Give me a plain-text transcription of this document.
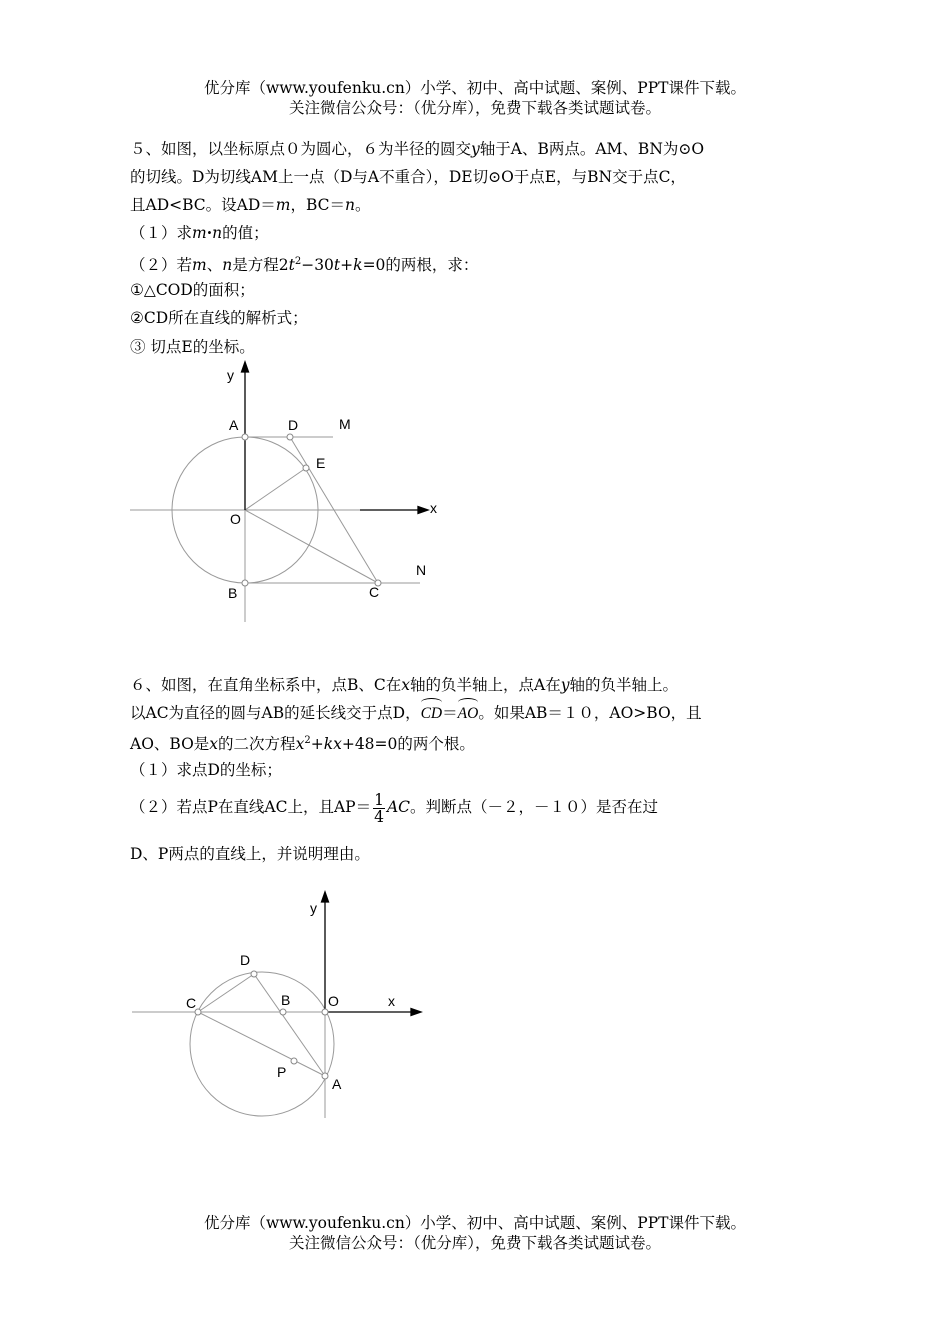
优分库（www.youfenku.cn）小学、初中、高中试题、案例、PPT课件下载。
关注微信公众号：（优分库），免费下载各类试题试卷。
５、如图，以坐标原点０为圆心，６为半径的圆交y轴于A、B两点。AM、BN为⊙O
的切线。D为切线AM上一点（D与A不重合），DE切⊙O于点E，与BN交于点C，
且AD<BC。设AD＝m，BC＝n。
（１）求m·n的值；
（２）若m、n是方程$2t^2-30t+k=0$的两根，求：
①△COD的面积；
②CD所在直线的解析式；
③ 切点E的坐标。
y
x
A	D	M
E
O
N
B	C
６、如图，在直角坐标系中，点B、C在x轴的负半轴上，点A在y轴的负半轴上。
以AC为直径的圆与AB的延长线交于点D，CD＝AO。如果AB＝１０，AO>BO，且
AO、BO是x的二次方程$x^2+kx+48=0$的两个根。
（１）求点D的坐标；
（２）若点P在直线AC上，且$AP= \frac{1}{4}$ AC。判断点（－２，－１０）是否在过
D、P两点的直线上，并说明理由。
y
x
D
C	B	O
P
A
优分库（www.youfenku.cn）小学、初中、高中试题、案例、PPT课件下载。
关注微信公众号：（优分库），免费下载各类试题试卷。
